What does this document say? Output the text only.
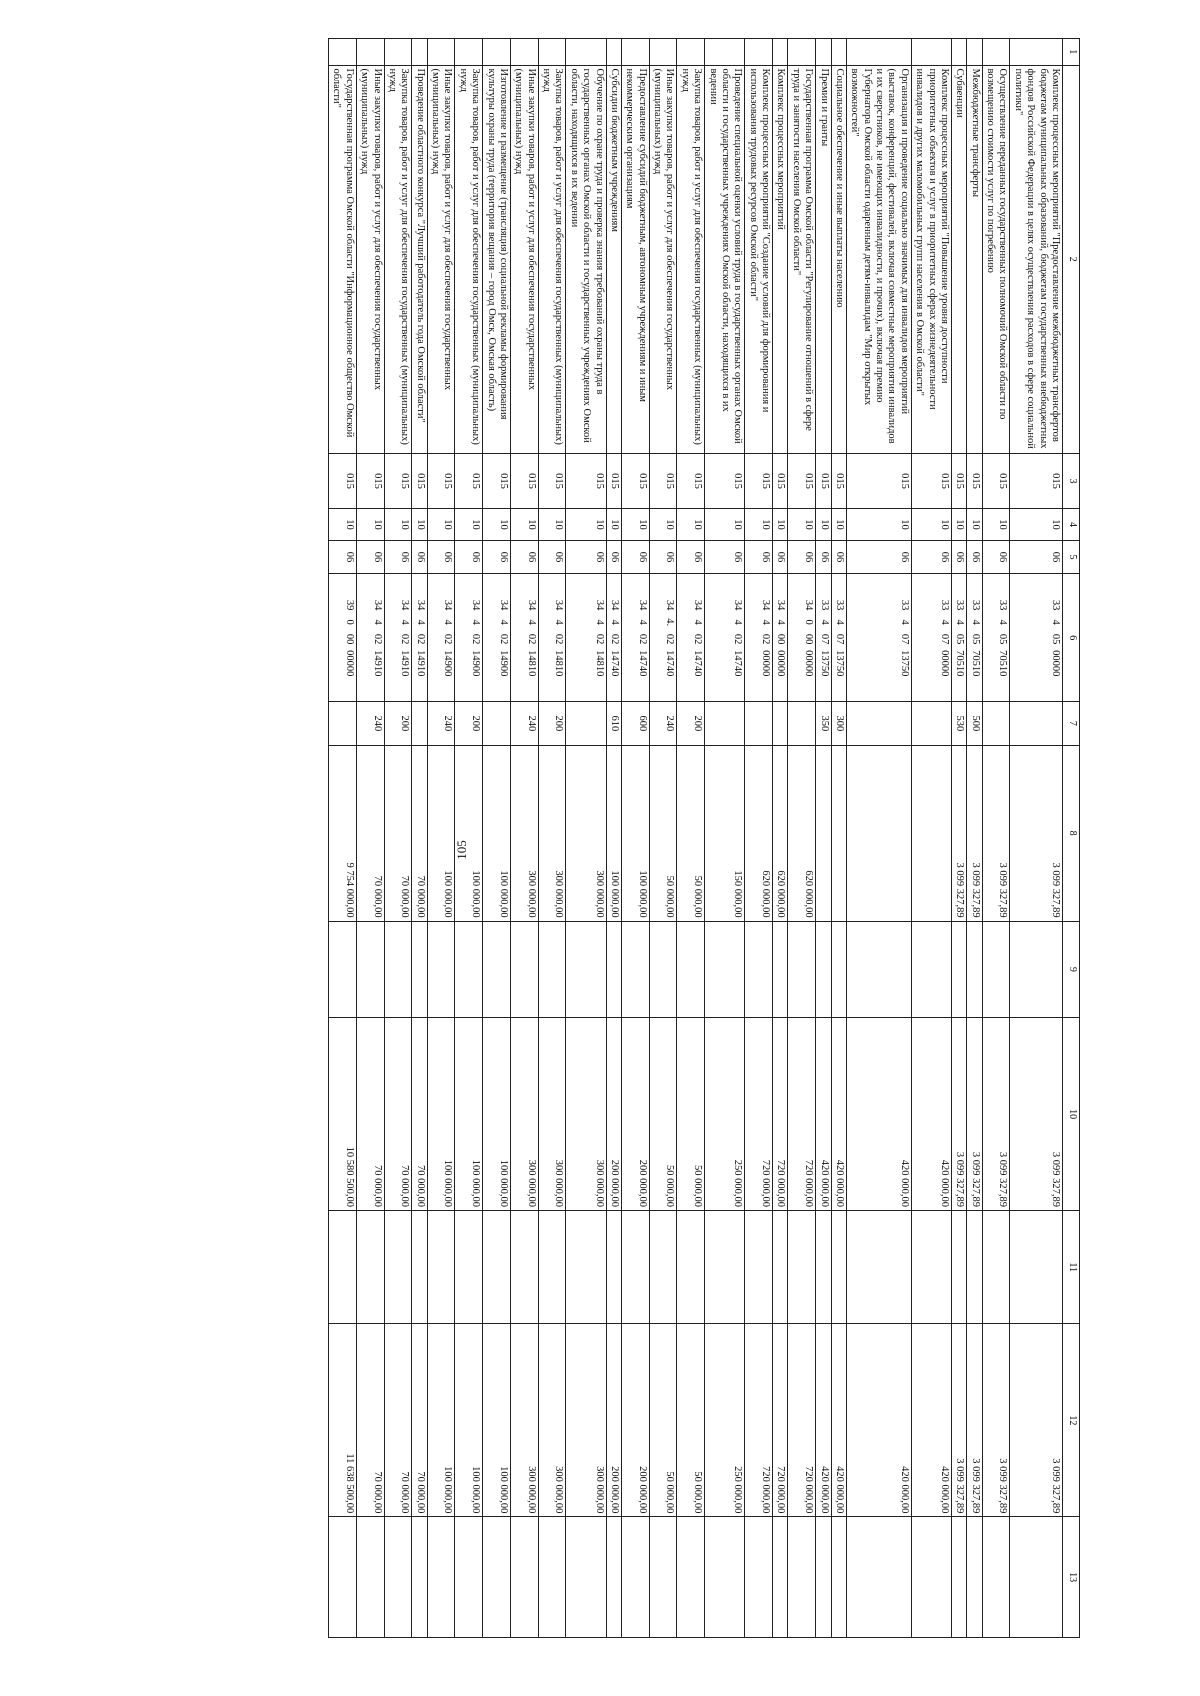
105
1	2	3	4	5	6	7	8	9	10	11	12	13
	Комплекс процессных мероприятий "Предоставление межбюджетных трансфертов бюджетам муниципальных образований, бюджетам государственных внебюджетных фондов Российской Федерации в целях осуществления расходов в сфере социальной политики"	015	10	06	3340500000		3 099 327,89		3 099 327,89		3 099 327,89	
	Осуществление переданных государственных полномочий Омской области по возмещению стоимости услуг по погребению	015	10	06	3340570510		3 099 327,89		3 099 327,89		3 099 327,89	
	Межбюджетные трансферты	015	10	06	3340570510	500	3 099 327,89		3 099 327,89		3 099 327,89	
	Субвенции	015	10	06	3340570510	530	3 099 327,89		3 099 327,89		3 099 327,89	
	Комплекс процессных мероприятий "Повышение уровня доступности приоритетных объектов и услуг в приоритетных сферах жизнедеятельности инвалидов и других маломобильных групп населения в Омской области"	015	10	06	3340700000				420 000,00		420 000,00	
	Организация и проведение социально значимых для инвалидов мероприятий (выставок, конференций, фестивалей, включая совместные мероприятия инвалидов и их сверстников, не имеющих инвалидности, и прочих), включая премию Губернатора Омской области одаренным детям-инвалидам "Мир открытых возможностей"	015	10	06	3340713750				420 000,00		420 000,00	
	Социальное обеспечение и иные выплаты населению	015	10	06	3340713750	300			420 000,00		420 000,00	
	Премии и гранты	015	10	06	3340713750	350			420 000,00		420 000,00	
	Государственная программа Омской области "Регулирование отношений в сфере труда и занятости населения Омской области"	015	10	06	3400000000		620 000,00		720 000,00		720 000,00	
	Комплекс процессных мероприятий	015	10	06	3440000000		620 000,00		720 000,00		720 000,00	
	Комплекс процессных мероприятий "Создание условий для формирования и использования трудовых ресурсов Омской области"	015	10	06	3440200000		620 000,00		720 000,00		720 000,00	
	Проведение специальной оценки условий труда в государственных органах Омской области и государственных учреждениях Омской области, находящихся в их ведении	015	10	06	3440214740		150 000,00		250 000,00		250 000,00	
	Закупка товаров, работ и услуг для обеспечения государственных (муниципальных) нужд	015	10	06	3440214740	200	50 000,00		50 000,00		50 000,00	
	Иные закупки товаров, работ и услуг для обеспечения государственных (муниципальных) нужд	015	10	06	344.0214740	240	50 000,00		50 000,00		50 000,00	
	Предоставление субсидий бюджетным, автономным учреждениям и иным некоммерческим организациям	015	10	06	3440214740	600	100 000,00		200 000,00		200 000,00	
	Субсидии бюджетным учреждениям	015	10	06	3440214740	610	100 000,00		200 000,00		200 000,00	
	Обучение по охране труда и проверка знания требований охраны труда в государственных органах Омской области и государственных учреждениях Омской области, находящихся в их ведении	015	10	06	3440214810		300 000,00		300 000,00		300 000,00	
	Закупка товаров, работ и услуг для обеспечения государственных (муниципальных) нужд	015	10	06	3440214810	200	300 000,00		300 000,00		300 000,00	
	Иные закупки товаров, работ и услуг для обеспечения государственных (муниципальных) нужд	015	10	06	3440214810	240	300 000,00		300 000,00		300 000,00	
	Изготовление и размещение (трансляция) социальной рекламы формирования культуры охраны труда (территория вещания – город Омск, Омская область)	015	10	06	3440214900		100 000,00		100 000,00		100 000,00	
	Закупка товаров, работ и услуг для обеспечения государственных (муниципальных) нужд	015	10	06	3440214900	200	100 000,00		100 000,00		100 000,00	
	Иные закупки товаров, работ и услуг для обеспечения государственных (муниципальных) нужд	015	10	06	3440214900	240	100 000,00		100 000,00		100 000,00	
	Проведение областного конкурса "Лучший работодатель года Омской области"	015	10	06	3440214910		70 000,00		70 000,00		70 000,00	
	Закупка товаров, работ и услуг для обеспечения государственных (муниципальных) нужд	015	10	06	3440214910	200	70 000,00		70 000,00		70 000,00	
	Иные закупки товаров, работ и услуг для обеспечения государственных (муниципальных) нужд	015	10	06	3440214910	240	70 000,00		70 000,00		70 000,00	
	Государственная программа Омской области "Информационное общество Омской области"	015	10	06	3900000000		9 754 000,00		10 580 500,00		11 638 500,00	
